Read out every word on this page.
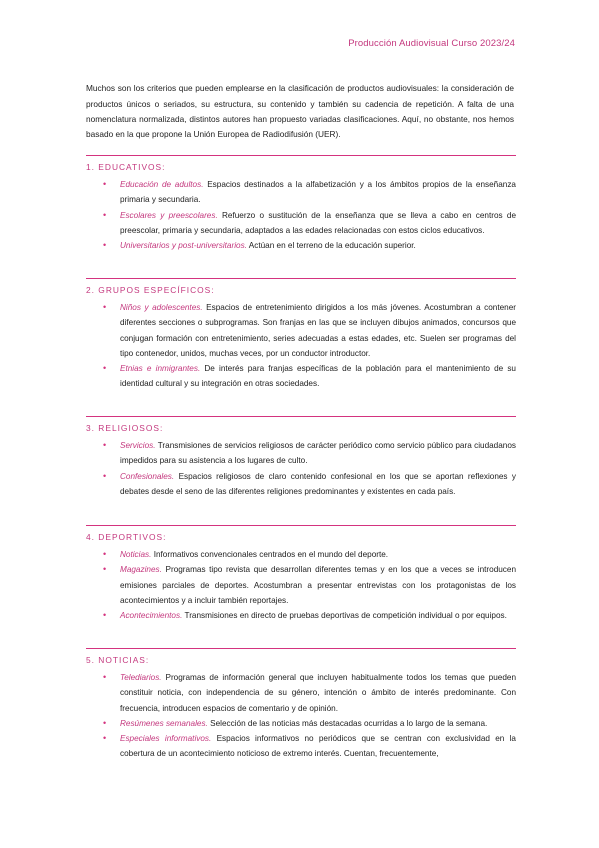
Producción Audiovisual Curso 2023/24

Muchos son los criterios que pueden emplearse en la clasificación de productos audiovisuales: la consideración de productos únicos o seriados, su estructura, su contenido y también su cadencia de repetición. A falta de una nomenclatura normalizada, distintos autores han propuesto variadas clasificaciones. Aquí, no obstante, nos hemos basado en la que propone la Unión Europea de Radiodifusión (UER).

1. EDUCATIVOS:
• Educación de adultos. Espacios destinados a la alfabetización y a los ámbitos propios de la enseñanza primaria y secundaria.
• Escolares y preescolares. Refuerzo o sustitución de la enseñanza que se lleva a cabo en centros de preescolar, primaria y secundaria, adaptados a las edades relacionadas con estos ciclos educativos.
• Universitarios y post-universitarios. Actúan en el terreno de la educación superior.
2. GRUPOS ESPECÍFICOS:
• Niños y adolescentes. Espacios de entretenimiento dirigidos a los más jóvenes. Acostumbran a contener diferentes secciones o subprogramas. Son franjas en las que se incluyen dibujos animados, concursos que conjugan formación con entretenimiento, series adecuadas a estas edades, etc. Suelen ser programas del tipo contenedor, unidos, muchas veces, por un conductor introductor.
• Etnias e inmigrantes. De interés para franjas específicas de la población para el mantenimiento de su identidad cultural y su integración en otras sociedades.
3. RELIGIOSOS:
• Servicios. Transmisiones de servicios religiosos de carácter periódico como servicio público para ciudadanos impedidos para su asistencia a los lugares de culto.
• Confesionales. Espacios religiosos de claro contenido confesional en los que se aportan reflexiones y debates desde el seno de las diferentes religiones predominantes y existentes en cada país.
4. DEPORTIVOS:
• Noticias. Informativos convencionales centrados en el mundo del deporte.
• Magazines. Programas tipo revista que desarrollan diferentes temas y en los que a veces se introducen emisiones parciales de deportes. Acostumbran a presentar entrevistas con los protagonistas de los acontecimientos y a incluir también reportajes.
• Acontecimientos. Transmisiones en directo de pruebas deportivas de competición individual o por equipos.
5. NOTICIAS:
• Telediarios. Programas de información general que incluyen habitualmente todos los temas que pueden constituir noticia, con independencia de su género, intención o ámbito de interés predominante. Con frecuencia, introducen espacios de comentario y de opinión.
• Resúmenes semanales. Selección de las noticias más destacadas ocurridas a lo largo de la semana.
• Especiales informativos. Espacios informativos no periódicos que se centran con exclusividad en la cobertura de un acontecimiento noticioso de extremo interés. Cuentan, frecuentemente,
